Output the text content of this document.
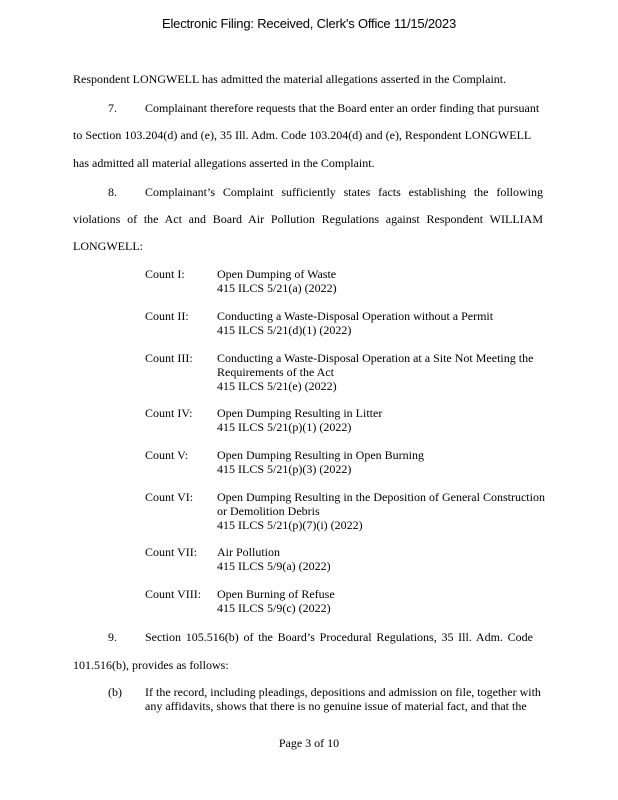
Electronic Filing: Received, Clerk's Office 11/15/2023
Respondent LONGWELL has admitted the material allegations asserted in the Complaint.
7. Complainant therefore requests that the Board enter an order finding that pursuant
to Section 103.204(d) and (e), 35 Ill. Adm. Code 103.204(d) and (e), Respondent LONGWELL
has admitted all material allegations asserted in the Complaint.
8. Complainant’s Complaint sufficiently states facts establishing the following
violations of the Act and Board Air Pollution Regulations against Respondent WILLIAM
LONGWELL:
Count I:	Open Dumping of Waste
415 ILCS 5/21(a) (2022)
Count II:	Conducting a Waste-Disposal Operation without a Permit
415 ILCS 5/21(d)(1) (2022)
Count III:	Conducting a Waste-Disposal Operation at a Site Not Meeting the
Requirements of the Act
415 ILCS 5/21(e) (2022)
Count IV:	Open Dumping Resulting in Litter
415 ILCS 5/21(p)(1) (2022)
Count V:	Open Dumping Resulting in Open Burning
415 ILCS 5/21(p)(3) (2022)
Count VI:	Open Dumping Resulting in the Deposition of General Construction
or Demolition Debris
415 ILCS 5/21(p)(7)(i) (2022)
Count VII:	Air Pollution
415 ILCS 5/9(a) (2022)
Count VIII:	Open Burning of Refuse
415 ILCS 5/9(c) (2022)
9. Section 105.516(b) of the Board’s Procedural Regulations, 35 Ill. Adm. Code
101.516(b), provides as follows:
(b) If the record, including pleadings, depositions and admission on file, together with
any affidavits, shows that there is no genuine issue of material fact, and that the
Page 3 of 10
